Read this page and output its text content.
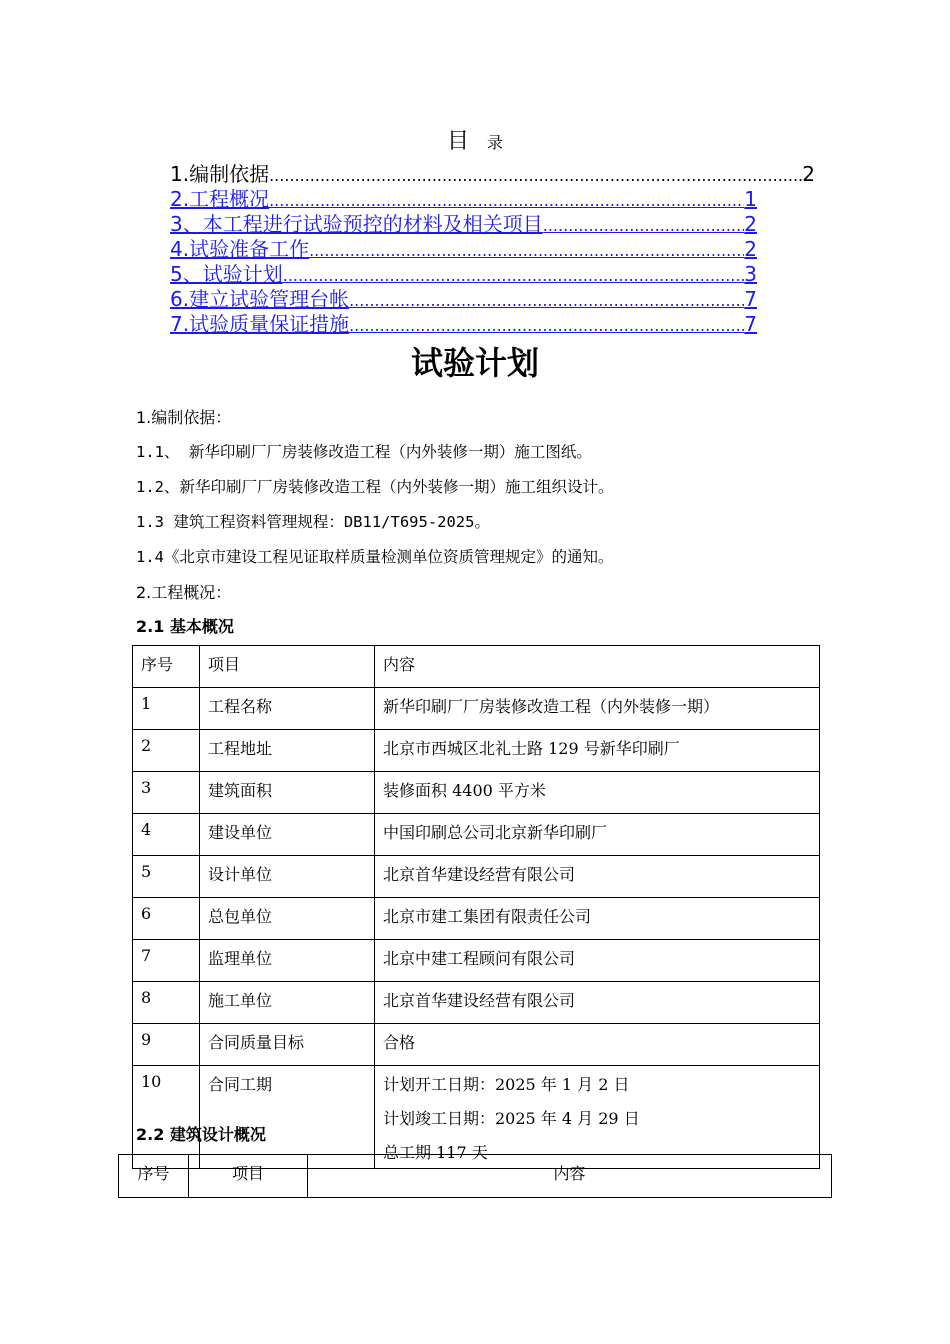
目 录
1.编制依据 .....	2
2.工程概况 .....	1
3、本工程进行试验预控的材料及相关项目 .....	2
4.试验准备工作 .....	2
5、试验计划 .....	3
6.建立试验管理台帐 .....	7
7.试验质量保证措施 .....	7
试验计划
1.编制依据：
1.1、 新华印刷厂厂房装修改造工程（内外装修一期）施工图纸。
1.2、新华印刷厂厂房装修改造工程（内外装修一期）施工组织设计。
1.3 建筑工程资料管理规程：DB11/T695-2025。
1.4《北京市建设工程见证取样质量检测单位资质管理规定》的通知。
2.工程概况：
2.1 基本概况
序号	项目	内容
1	工程名称	新华印刷厂厂房装修改造工程（内外装修一期）
2	工程地址	北京市西城区北礼士路 129 号新华印刷厂
3	建筑面积	装修面积 4400 平方米
4	建设单位	中国印刷总公司北京新华印刷厂
5	设计单位	北京首华建设经营有限公司
6	总包单位	北京市建工集团有限责任公司
7	监理单位	北京中建工程顾问有限公司
8	施工单位	北京首华建设经营有限公司
9	合同质量目标	合格
10	合同工期	计划开工日期：2025 年 1 月 2 日
计划竣工日期：2025 年 4 月 29 日
总工期 117 天
2.2 建筑设计概况
序号	项目	内容
